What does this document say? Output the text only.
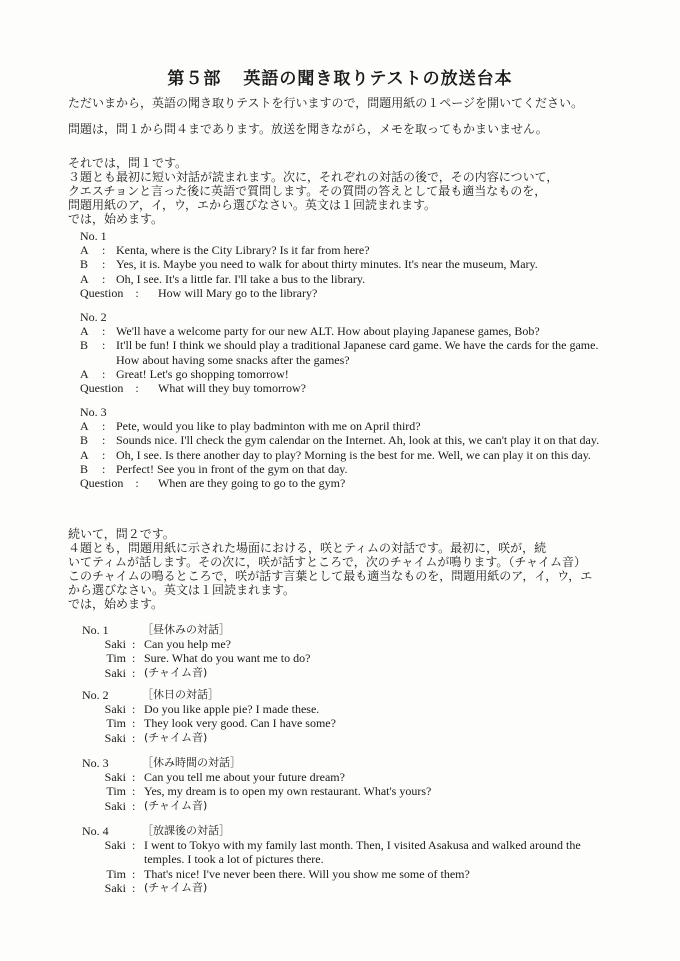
第５部 英語の聞き取りテストの放送台本
ただいまから，英語の聞き取りテストを行いますので，問題用紙の１ページを開いてください。
問題は，問１から問４まであります。放送を聞きながら，メモを取ってもかまいません。
それでは，問１です。
３題とも最初に短い対話が読まれます。次に，それぞれの対話の後で，その内容について，
クエスチョンと言った後に英語で質問します。その質問の答えとして最も適当なものを，
問題用紙のア，イ，ウ，エから選びなさい。英文は１回読まれます。
では，始めます。
No. 1
A	: Kenta, where is the City Library? Is it far from here?
B	: Yes, it is. Maybe you need to walk for about thirty minutes. It's near the museum, Mary.
A	: Oh, I see. It's a little far. I'll take a bus to the library.
Question　:	How will Mary go to the library?
No. 2
A	: We'll have a welcome party for our new ALT. How about playing Japanese games, Bob?
B	: It'll be fun! I think we should play a traditional Japanese card game. We have the cards for the game. How about having some snacks after the games?
A	: Great! Let's go shopping tomorrow!
Question　:	What will they buy tomorrow?
No. 3
A	: Pete, would you like to play badminton with me on April third?
B	: Sounds nice. I'll check the gym calendar on the Internet. Ah, look at this, we can't play it on that day.
A	: Oh, I see. Is there another day to play? Morning is the best for me. Well, we can play it on this day.
B	: Perfect! See you in front of the gym on that day.
Question　:	When are they going to go to the gym?
続いて，問２です。
４題とも，問題用紙に示された場面における，咲とティムの対話です。最初に，咲が，続
いてティムが話します。その次に，咲が話すところで，次のチャイムが鳴ります。（チャイム音）
このチャイムの鳴るところで，咲が話す言葉として最も適当なものを，問題用紙のア，イ，ウ，エ
から選びなさい。英文は１回読まれます。
では，始めます。
No. 1	［昼休みの対話］
Saki : Can you help me?
Tim : Sure. What do you want me to do?
Saki : (チャイム音)
No. 2	［休日の対話］
Saki : Do you like apple pie? I made these.
Tim : They look very good. Can I have some?
Saki : (チャイム音)
No. 3	［休み時間の対話］
Saki : Can you tell me about your future dream?
Tim : Yes, my dream is to open my own restaurant. What's yours?
Saki : (チャイム音)
No. 4	［放課後の対話］
Saki : I went to Tokyo with my family last month. Then, I visited Asakusa and walked around the temples. I took a lot of pictures there.
Tim : That's nice! I've never been there. Will you show me some of them?
Saki : (チャイム音)
